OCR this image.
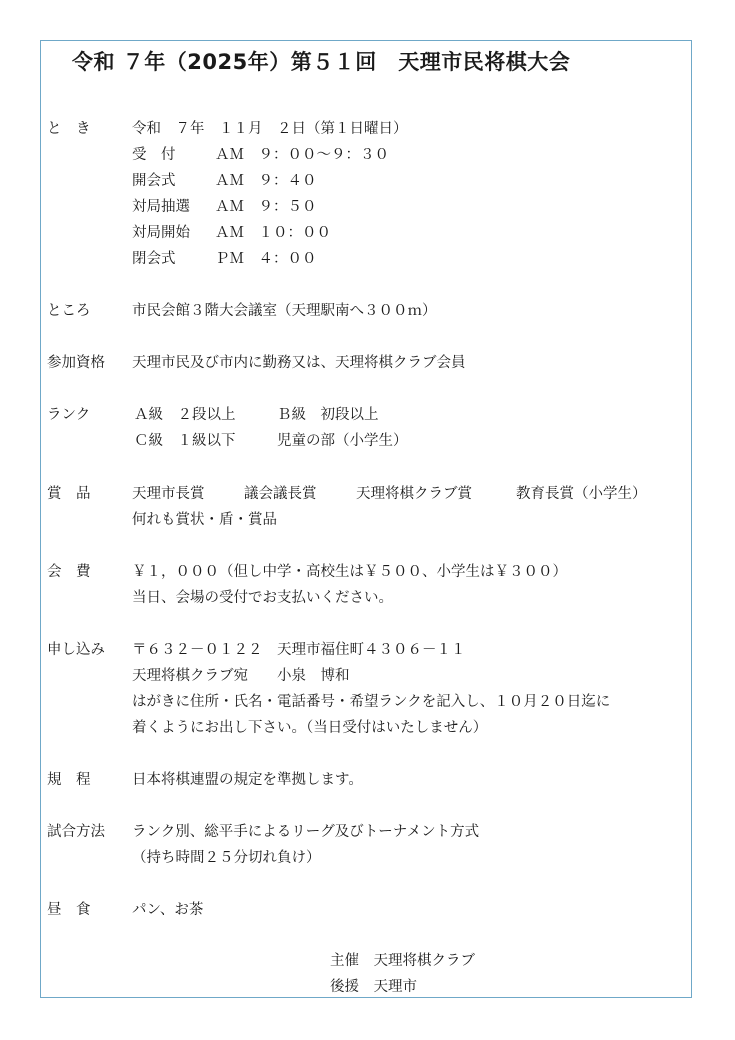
令和 ７年（2025年）第５１回　天理市民将棋大会
と　き	令和　７年　１１月　２日（第１日曜日）
受　付	ＡＭ　９：００～９：３０
開会式	ＡＭ　９：４０
対局抽選 ＡＭ　９：５０
対局開始 ＡＭ　１０：００
閉会式	ＰＭ　４：００
ところ	市民会館３階大会議室（天理駅南へ３００ｍ）
参加資格 天理市民及び市内に勤務又は、天理将棋クラブ会員
ランク	Ａ級　２段以上	Ｂ級　初段以上
Ｃ級　１級以下	児童の部（小学生）
賞　品	天理市長賞	議会議長賞	天理将棋クラブ賞	教育長賞（小学生）
何れも賞状・盾・賞品
会　費	￥１，０００（但し中学・高校生は￥５００、小学生は￥３００）
当日、会場の受付でお支払いください。
申し込み 〒６３２－０１２２　天理市福住町４３０６－１１
天理将棋クラブ宛　　小泉　博和
はがきに住所・氏名・電話番号・希望ランクを記入し、１０月２０日迄に
着くようにお出し下さい。（当日受付はいたしません）
規　程	日本将棋連盟の規定を準拠します。
試合方法 ランク別、総平手によるリーグ及びトーナメント方式
（持ち時間２５分切れ負け）
昼　食	パン、お茶
主催　天理将棋クラブ
後援　天理市
